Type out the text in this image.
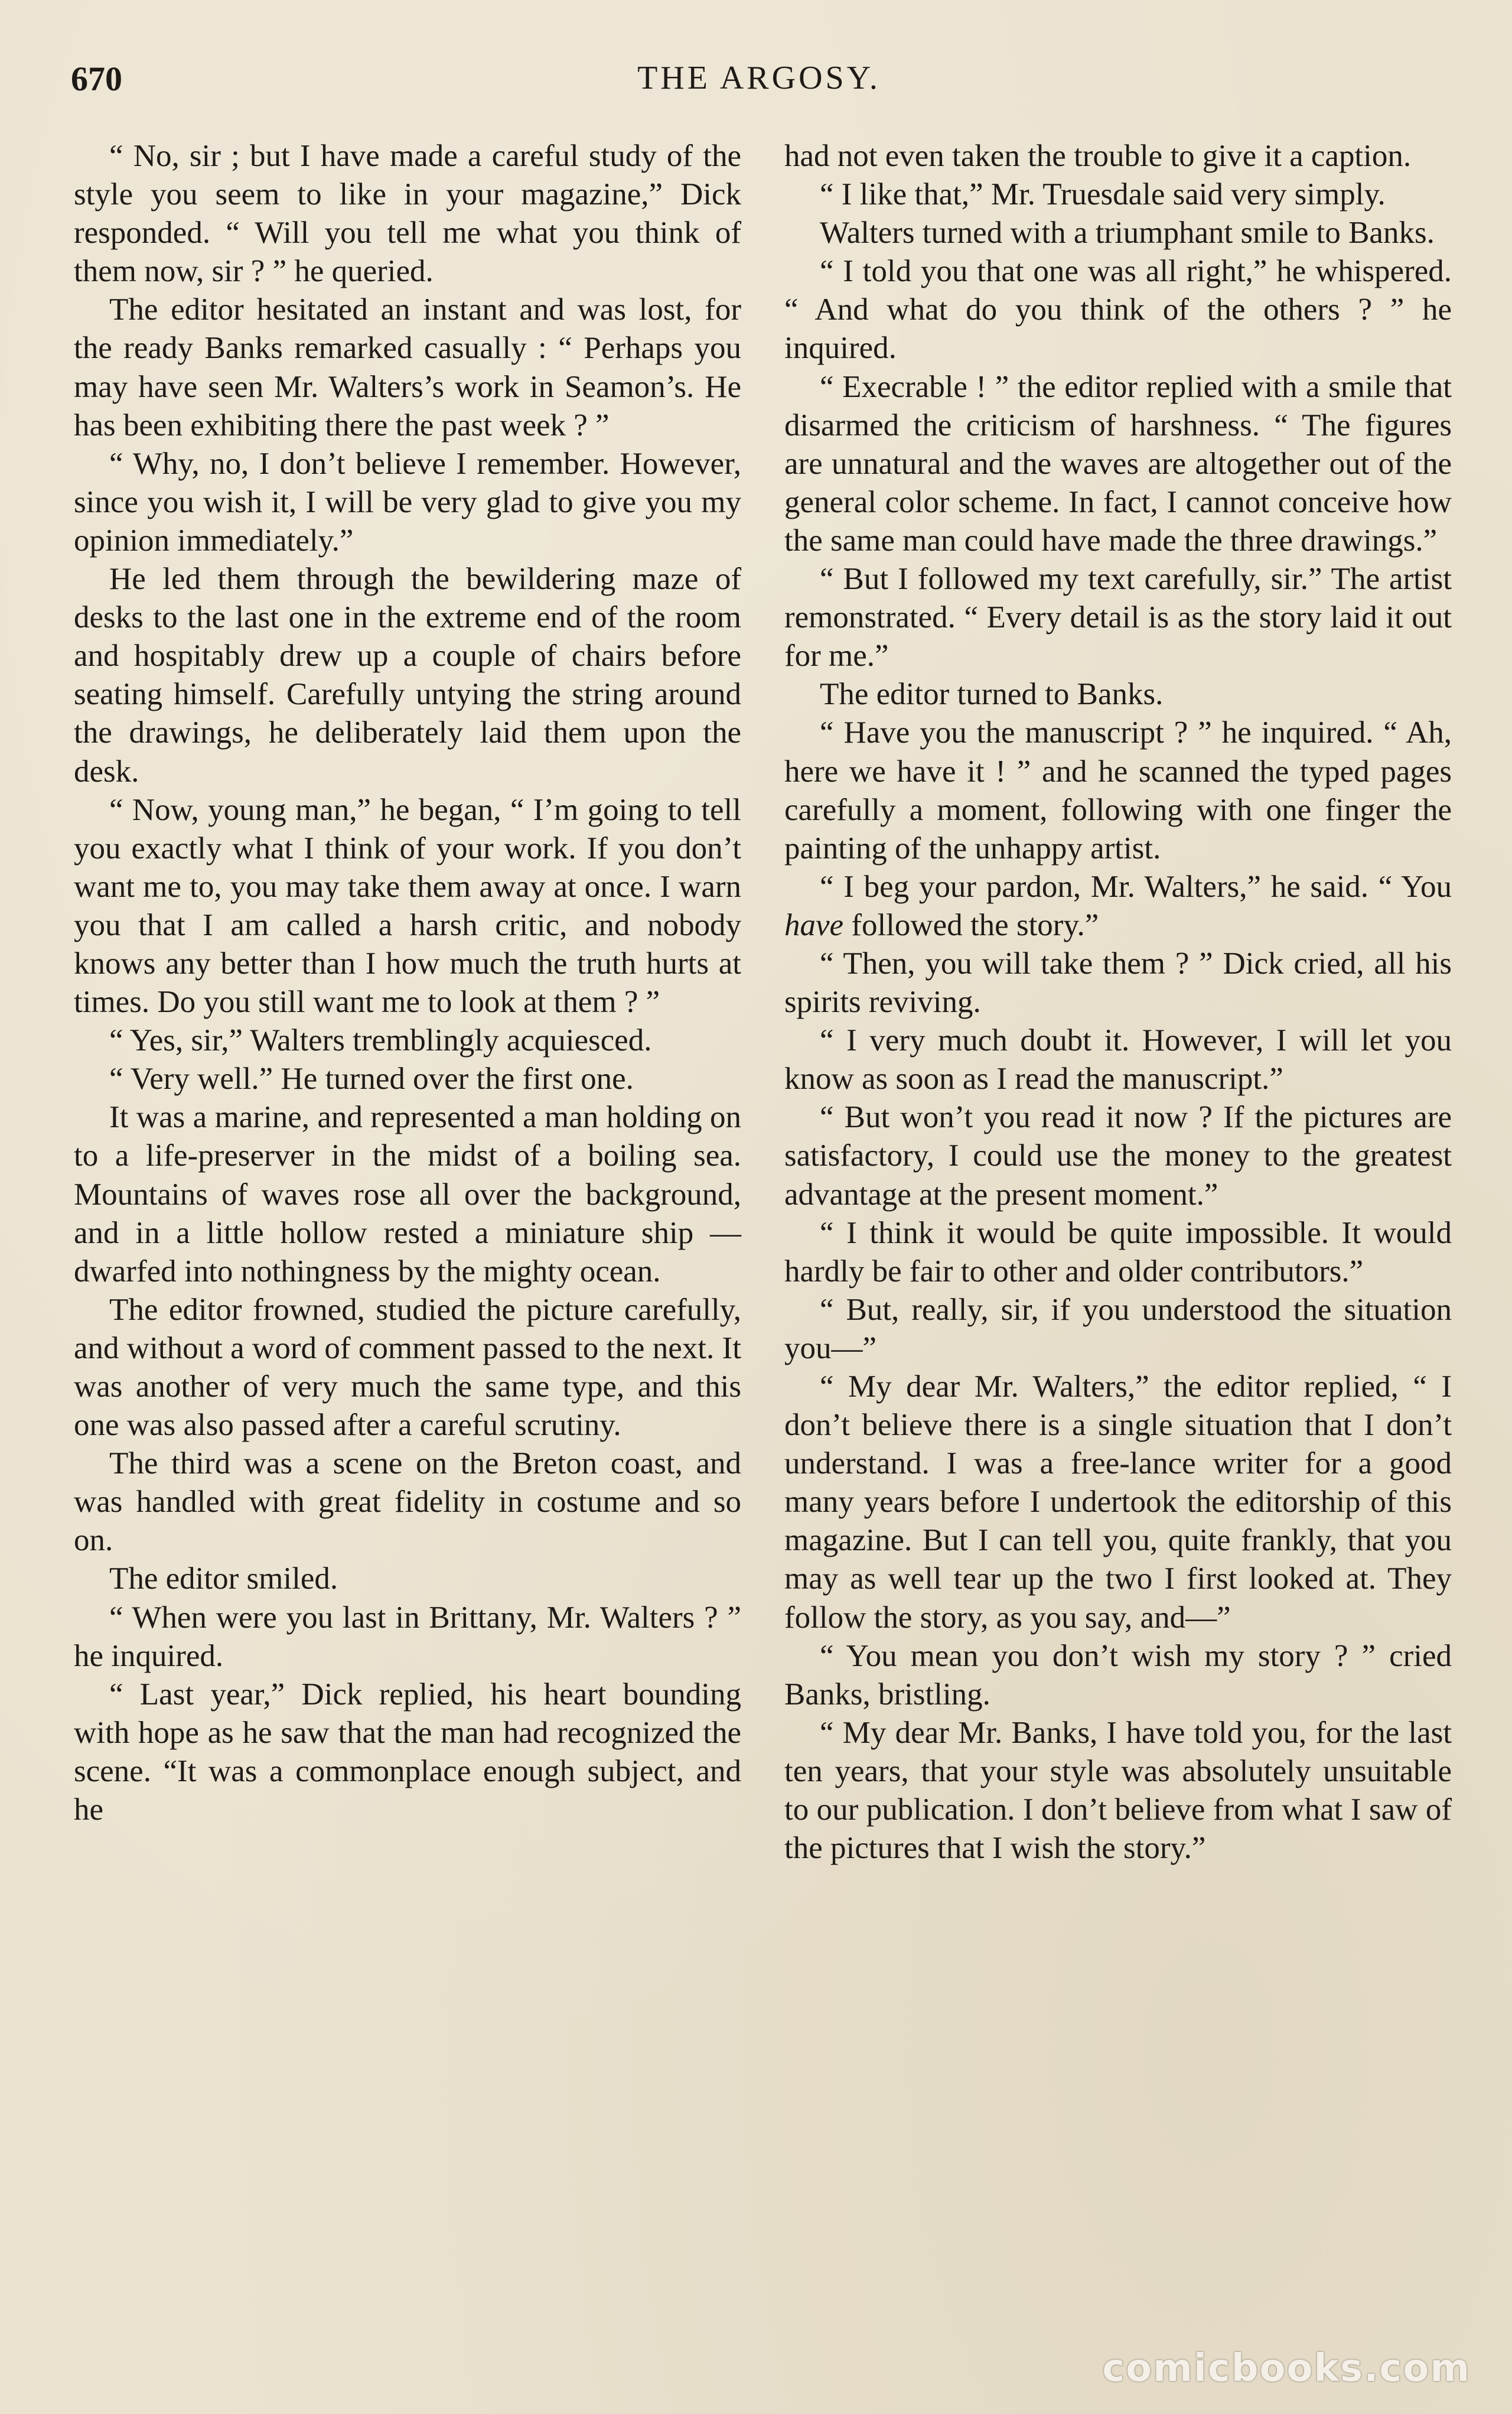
670	THE ARGOSY.

“ No, sir ; but I have made a careful study of the style you seem to like in your magazine,” Dick responded. “ Will you tell me what you think of them now, sir ? ” he queried.

The editor hesitated an instant and was lost, for the ready Banks remarked casually : “ Perhaps you may have seen Mr. Walters’s work in Seamon’s. He has been exhibiting there the past week ? ”

“ Why, no, I don’t believe I remember. However, since you wish it, I will be very glad to give you my opinion immediately.”

He led them through the bewildering maze of desks to the last one in the extreme end of the room and hospitably drew up a couple of chairs before seating himself. Carefully untying the string around the drawings, he deliberately laid them upon the desk.

“ Now, young man,” he began, “ I’m going to tell you exactly what I think of your work. If you don’t want me to, you may take them away at once. I warn you that I am called a harsh critic, and nobody knows any better than I how much the truth hurts at times. Do you still want me to look at them ? ”

“ Yes, sir,” Walters tremblingly acquiesced.

“ Very well.” He turned over the first one.

It was a marine, and represented a man holding on to a life-preserver in the midst of a boiling sea. Mountains of waves rose all over the background, and in a little hollow rested a miniature ship —dwarfed into nothingness by the mighty ocean.

The editor frowned, studied the picture carefully, and without a word of comment passed to the next. It was another of very much the same type, and this one was also passed after a careful scrutiny.

The third was a scene on the Breton coast, and was handled with great fidelity in costume and so on.

The editor smiled.

“ When were you last in Brittany, Mr. Walters ? ” he inquired.

“ Last year,” Dick replied, his heart bounding with hope as he saw that the man had recognized the scene. “It was a commonplace enough subject, and he

had not even taken the trouble to give it a caption.

“ I like that,” Mr. Truesdale said very simply.

Walters turned with a triumphant smile to Banks.

“ I told you that one was all right,” he whispered. “ And what do you think of the others ? ” he inquired.

“ Execrable ! ” the editor replied with a smile that disarmed the criticism of harshness. “ The figures are unnatural and the waves are altogether out of the general color scheme. In fact, I cannot conceive how the same man could have made the three drawings.”

“ But I followed my text carefully, sir.” The artist remonstrated. “ Every detail is as the story laid it out for me.”

The editor turned to Banks.

“ Have you the manuscript ? ” he inquired. “ Ah, here we have it ! ” and he scanned the typed pages carefully a moment, following with one finger the painting of the unhappy artist.

“ I beg your pardon, Mr. Walters,” he said. “ You have followed the story.”

“ Then, you will take them ? ” Dick cried, all his spirits reviving.

“ I very much doubt it. However, I will let you know as soon as I read the manuscript.”

“ But won’t you read it now ? If the pictures are satisfactory, I could use the money to the greatest advantage at the present moment.”

“ I think it would be quite impossible. It would hardly be fair to other and older contributors.”

“ But, really, sir, if you understood the situation you—”

“ My dear Mr. Walters,” the editor replied, “ I don’t believe there is a single situation that I don’t understand. I was a free-lance writer for a good many years before I undertook the editorship of this magazine. But I can tell you, quite frankly, that you may as well tear up the two I first looked at. They follow the story, as you say, and—”

“ You mean you don’t wish my story ? ” cried Banks, bristling.

“ My dear Mr. Banks, I have told you, for the last ten years, that your style was absolutely unsuitable to our publication. I don’t believe from what I saw of the pictures that I wish the story.”

comicbooks.com
